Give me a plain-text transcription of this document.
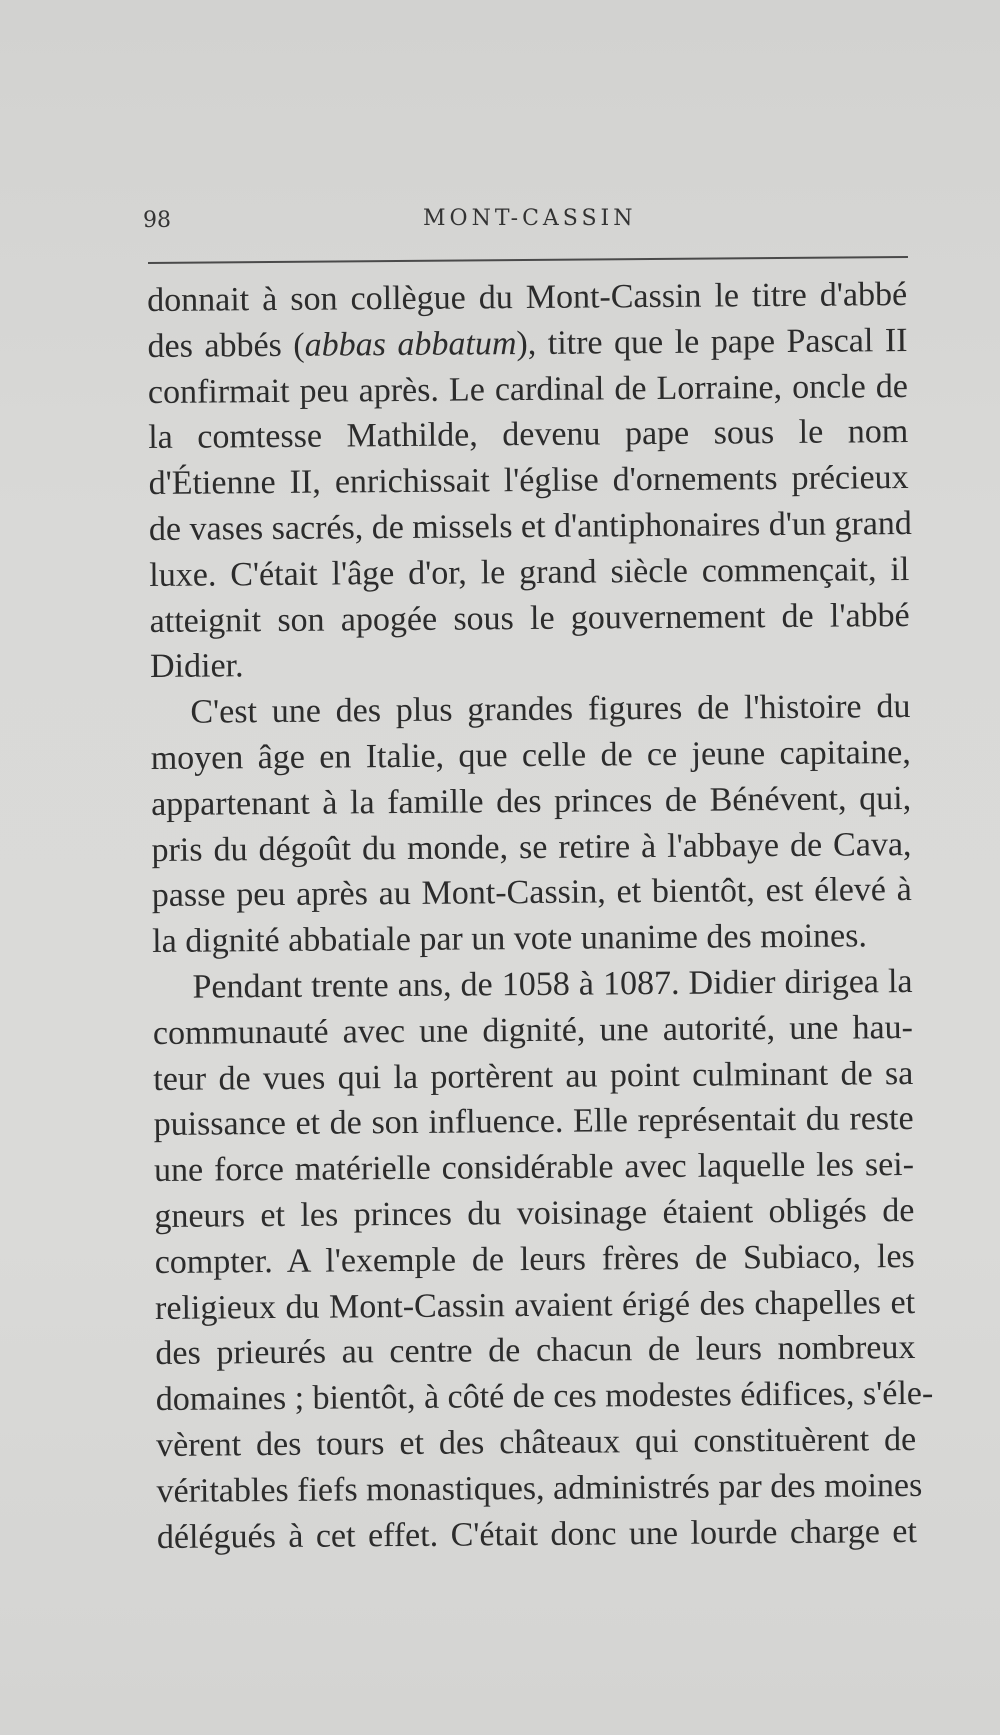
98	MONT-CASSIN
donnait à son collègue du Mont-Cassin le titre d'abbé
des abbés (abbas abbatum), titre que le pape Pascal II
confirmait peu après. Le cardinal de Lorraine, oncle de
la comtesse Mathilde, devenu pape sous le nom
d'Étienne II, enrichissait l'église d'ornements précieux
de vases sacrés, de missels et d'antiphonaires d'un grand
luxe. C'était l'âge d'or, le grand siècle commençait, il
atteignit son apogée sous le gouvernement de l'abbé
Didier.
C'est une des plus grandes figures de l'histoire du
moyen âge en Italie, que celle de ce jeune capitaine,
appartenant à la famille des princes de Bénévent, qui,
pris du dégoût du monde, se retire à l'abbaye de Cava,
passe peu après au Mont-Cassin, et bientôt, est élevé à
la dignité abbatiale par un vote unanime des moines.
Pendant trente ans, de 1058 à 1087. Didier dirigea la
communauté avec une dignité, une autorité, une hau-
teur de vues qui la portèrent au point culminant de sa
puissance et de son influence. Elle représentait du reste
une force matérielle considérable avec laquelle les sei-
gneurs et les princes du voisinage étaient obligés de
compter. A l'exemple de leurs frères de Subiaco, les
religieux du Mont-Cassin avaient érigé des chapelles et
des prieurés au centre de chacun de leurs nombreux
domaines ; bientôt, à côté de ces modestes édifices, s'éle-
vèrent des tours et des châteaux qui constituèrent de
véritables fiefs monastiques, administrés par des moines
délégués à cet effet. C'était donc une lourde charge et
